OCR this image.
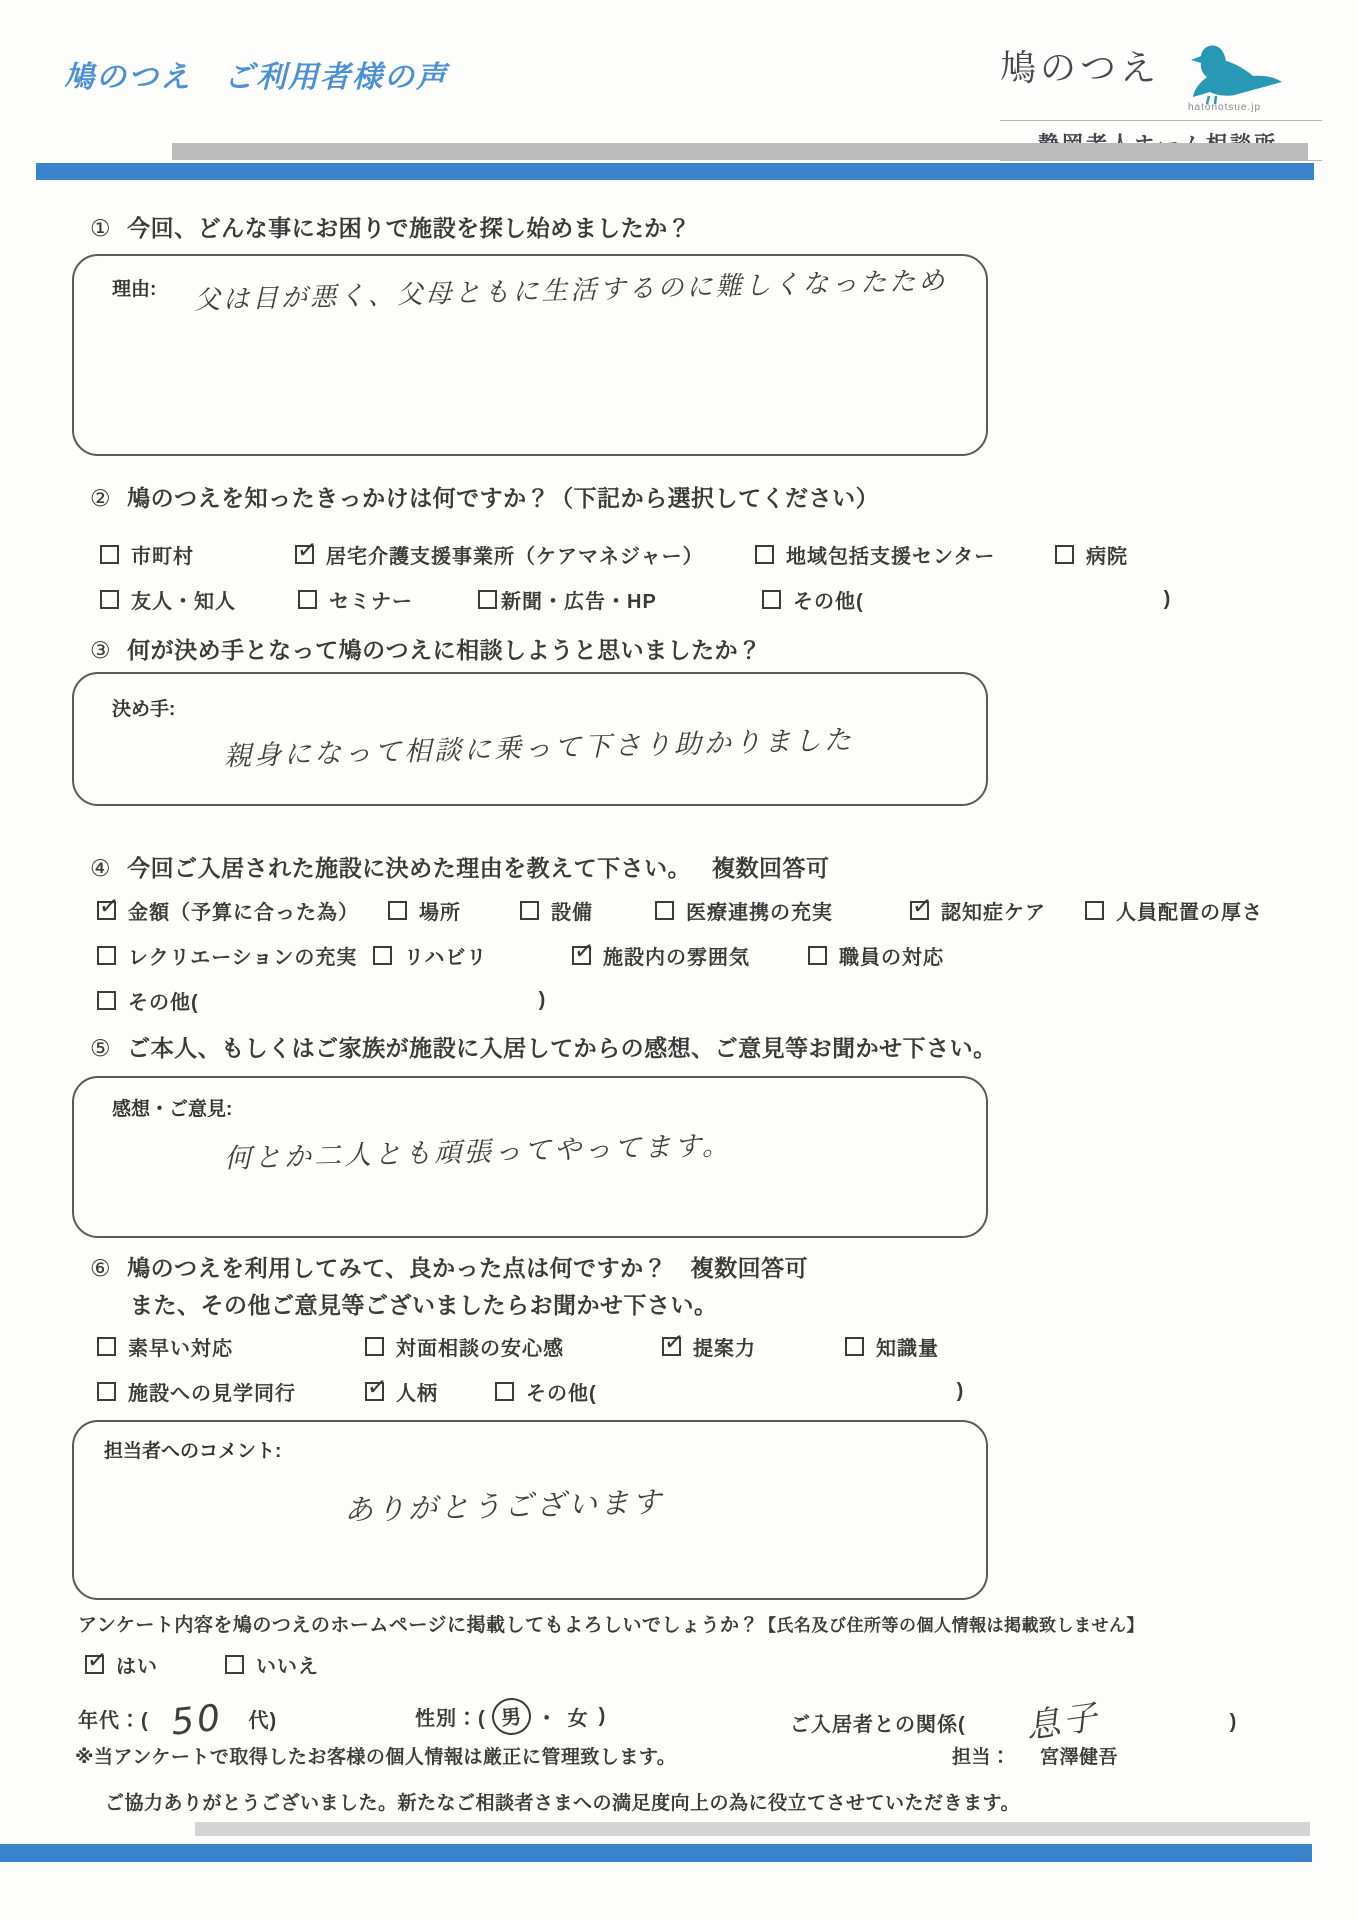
鳩のつえ　ご利用者様の声	鳩のつえ
hatonotsue.jp
① 今回、どんな事にお困りで施設を探し始めましたか？
理由: 父は目が悪く、父母ともに生活するのに難しくなったため
② 鳩のつえを知ったきっかけは何ですか？（下記から選択してください）
市町村 ✓	居宅介護支援事業所（ケアマネジャー）	地域包括支援センター	病院
友人・知人	セミナー	新聞・広告・HP	その他(	)
③ 何が決め手となって鳩のつえに相談しようと思いましたか？
決め手:
親身になって相談に乗って下さり助かりました
④ 今回ご入居された施設に決めた理由を教えて下さい。 複数回答可
✓
金額（予算に合った為）	場所	設備	医療連携の充実 ✓	認知症ケア	人員配置の厚さ
レクリエーションの充実 リハビリ ✓	施設内の雰囲気	職員の対応
その他(	)
⑤ ご本人、もしくはご家族が施設に入居してからの感想、ご意見等お聞かせ下さい。
感想・ご意見:
何とか二人とも頑張ってやってます。
⑥ 鳩のつえを利用してみて、良かった点は何ですか？　複数回答可
また、その他ご意見等ございましたらお聞かせ下さい。
素早い対応	対面相談の安心感 ✓	提案力	知識量
施設への見学同行 ✓	人柄	その他(	)
担当者へのコメント:
ありがとうございます
アンケート内容を鳩のつえのホームページに掲載してもよろしいでしょうか？【氏名及び住所等の個人情報は掲載致しません】
✓
はい	いいえ
年代：( 50 代)	性別：( 男 ・ 女 )	ご入居者との関係( 息子	)
※当アンケートで取得したお客様の個人情報は厳正に管理致します。	担当： 宮澤健吾
ご協力ありがとうございました。新たなご相談者さまへの満足度向上の為に役立てさせていただきます。
